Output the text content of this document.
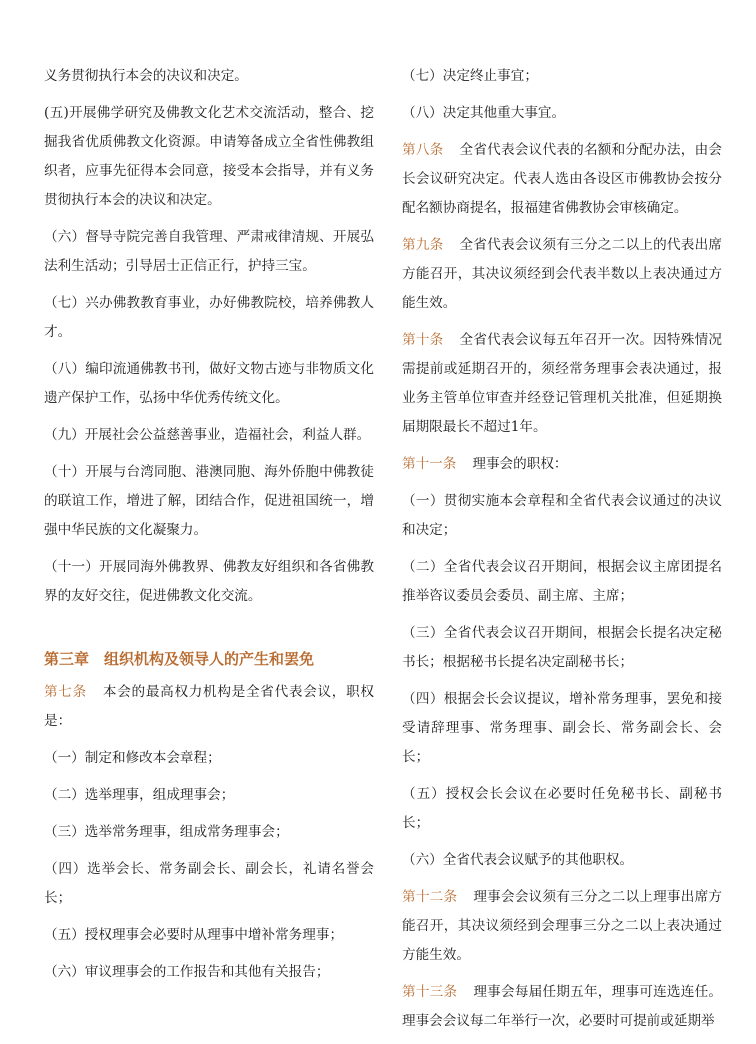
义务贯彻执行本会的决议和决定。

(五)开展佛学研究及佛教文化艺术交流活动，整合、挖掘我省优质佛教文化资源。申请筹备成立全省性佛教组织者，应事先征得本会同意，接受本会指导，并有义务贯彻执行本会的决议和决定。

（六）督导寺院完善自我管理、严肃戒律清规、开展弘法利生活动；引导居士正信正行，护持三宝。

（七）兴办佛教教育事业，办好佛教院校，培养佛教人才。

（八）编印流通佛教书刊，做好文物古迹与非物质文化遗产保护工作，弘扬中华优秀传统文化。

（九）开展社会公益慈善事业，造福社会，利益人群。

（十）开展与台湾同胞、港澳同胞、海外侨胞中佛教徒的联谊工作，增进了解，团结合作，促进祖国统一，增强中华民族的文化凝聚力。

（十一）开展同海外佛教界、佛教友好组织和各省佛教界的友好交往，促进佛教文化交流。

第三章　组织机构及领导人的产生和罢免

第七条 本会的最高权力机构是全省代表会议，职权是：

（一）制定和修改本会章程；

（二）选举理事，组成理事会；

（三）选举常务理事，组成常务理事会；

（四）选举会长、常务副会长、副会长，礼请名誉会长；

（五）授权理事会必要时从理事中增补常务理事；

（六）审议理事会的工作报告和其他有关报告；

（七）决定终止事宜；

（八）决定其他重大事宜。

第八条 全省代表会议代表的名额和分配办法，由会长会议研究决定。代表人选由各设区市佛教协会按分配名额协商提名，报福建省佛教协会审核确定。

第九条 全省代表会议须有三分之二以上的代表出席方能召开，其决议须经到会代表半数以上表决通过方能生效。

第十条 全省代表会议每五年召开一次。因特殊情况需提前或延期召开的，须经常务理事会表决通过，报业务主管单位审查并经登记管理机关批准，但延期换届期限最长不超过1年。

第十一条 理事会的职权：

（一）贯彻实施本会章程和全省代表会议通过的决议和决定；

（二）全省代表会议召开期间，根据会议主席团提名推举咨议委员会委员、副主席、主席；

（三）全省代表会议召开期间，根据会长提名决定秘书长；根据秘书长提名决定副秘书长；

（四）根据会长会议提议，增补常务理事，罢免和接受请辞理事、常务理事、副会长、常务副会长、会长；

（五）授权会长会议在必要时任免秘书长、副秘书长；

（六）全省代表会议赋予的其他职权。

第十二条 理事会会议须有三分之二以上理事出席方能召开，其决议须经到会理事三分之二以上表决通过方能生效。

第十三条 理事会每届任期五年，理事可连选连任。理事会会议每二年举行一次，必要时可提前或延期举
